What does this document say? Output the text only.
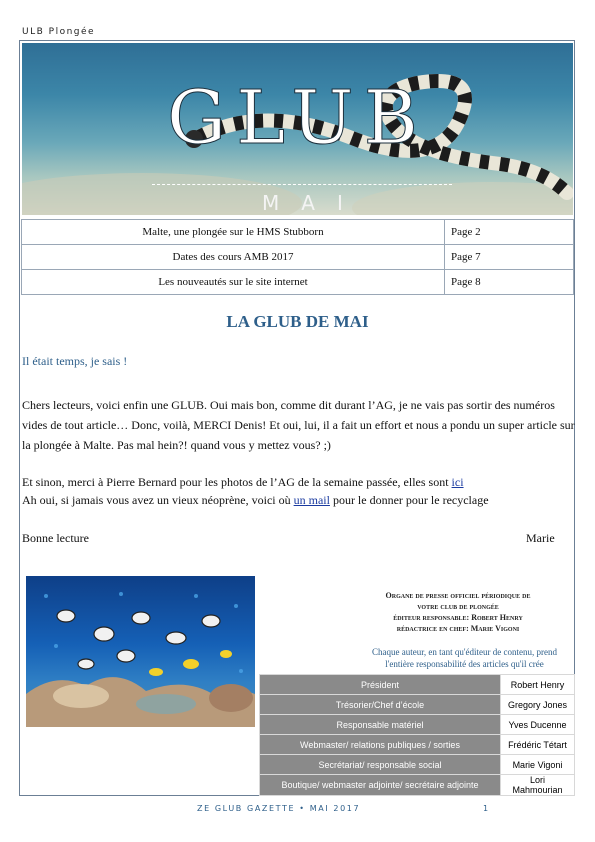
ULB Plongée
GLUB
MAI
Malte, une plongée sur le HMS Stubborn	Page 2
Dates des cours AMB 2017	Page 7
Les nouveautés sur le site internet	Page 8
LA GLUB DE MAI

Il était temps, je sais !

Chers lecteurs, voici enfin une GLUB. Oui mais bon, comme dit durant l’AG, je ne vais pas sortir des numéros vides de tout article… Donc, voilà, MERCI Denis! Et oui, lui, il a fait un effort et nous a pondu un super article sur la plongée à Malte. Pas mal hein?! quand vous y mettez vous? ;)

Et sinon, merci à Pierre Bernard pour les photos de l’AG de la semaine passée, elles sont ici

Ah oui, si jamais vous avez un vieux néoprène, voici où un mail pour le donner pour le recyclage

Bonne lecture	Marie
Organe de presse officiel périodique de
votre club de plongée
éditeur responsable: Robert Henry
rédactrice en chef: Marie Vigoni
Chaque auteur, en tant qu'éditeur de contenu, prend l'entière responsabilité des articles qu'il crée
Président	Robert Henry
Trésorier/Chef d’école	Gregory Jones
Responsable matériel	Yves Ducenne
Webmaster/ relations publiques / sorties	Frédéric Tétart
Secrétariat/ responsable social	Marie Vigoni
Boutique/ webmaster adjointe/ secrétaire adjointe	Lori Mahmourian
ZE GLUB GAZETTE • MAI 2017	1
